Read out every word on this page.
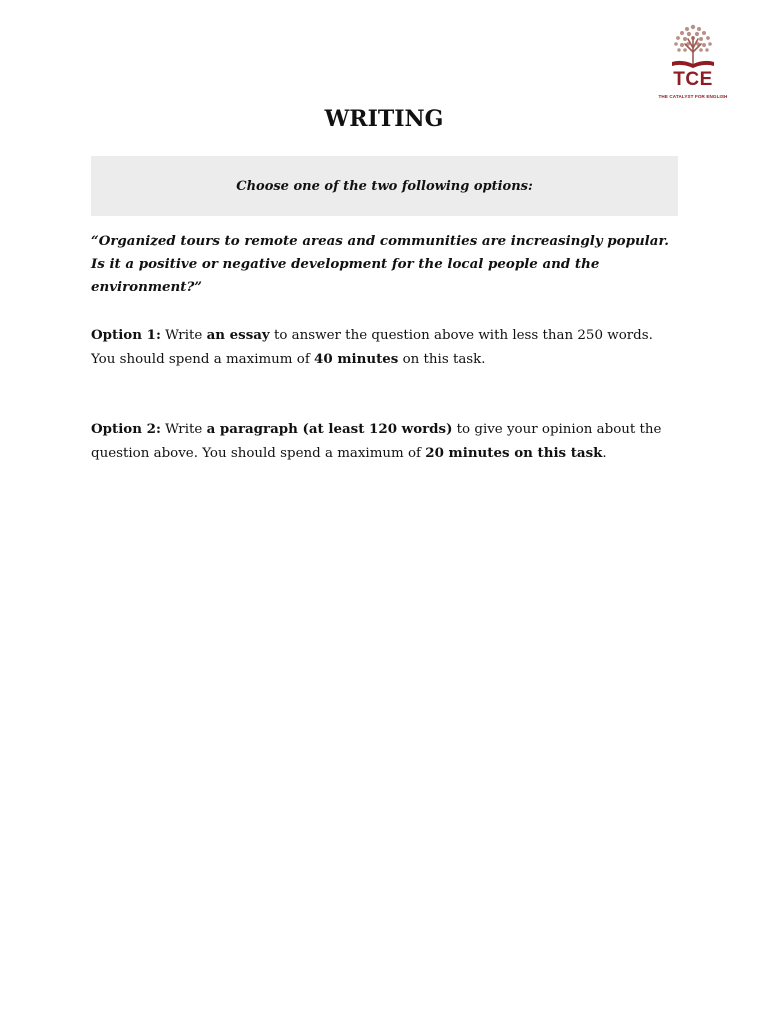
TCE
THE CATALYST FOR ENGLISH
WRITING
Choose one of the two following options:

“Organized tours to remote areas and communities are increasingly popular. Is it a positive or negative development for the local people and the environment?”

Option 1: Write an essay to answer the question above with less than 250 words. You should spend a maximum of 40 minutes on this task.

Option 2: Write a paragraph (at least 120 words) to give your opinion about the question above. You should spend a maximum of 20 minutes on this task.
